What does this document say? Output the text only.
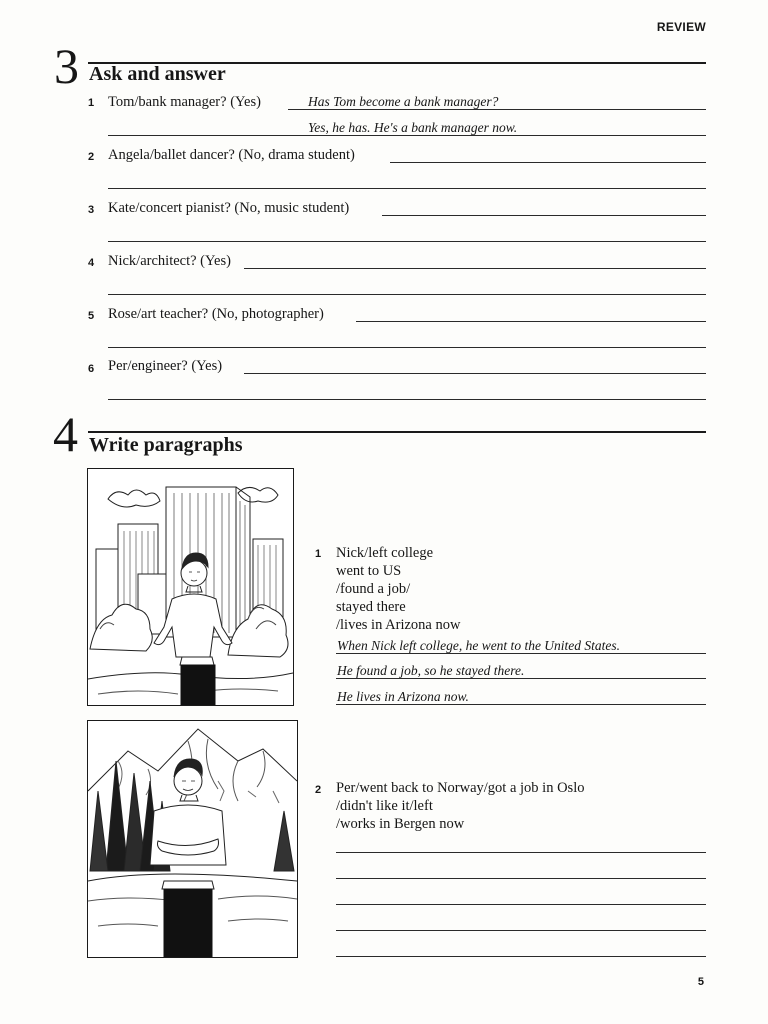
REVIEW
3 Ask and answer
1 Tom/bank manager? (Yes)	Has Tom become a bank manager?
Yes, he has. He's a bank manager now.
2 Angela/ballet dancer? (No, drama student)
3 Kate/concert pianist? (No, music student)
4 Nick/architect? (Yes)
5 Rose/art teacher? (No, photographer)
6 Per/engineer? (Yes)
4 Write paragraphs
1 Nick/left college
went to US
/found a job/
stayed there
/lives in Arizona now
When Nick left college, he went to the United States.
He found a job, so he stayed there.
He lives in Arizona now.
2 Per/went back to Norway/got a job in Oslo
/didn't like it/left
/works in Bergen now
5
